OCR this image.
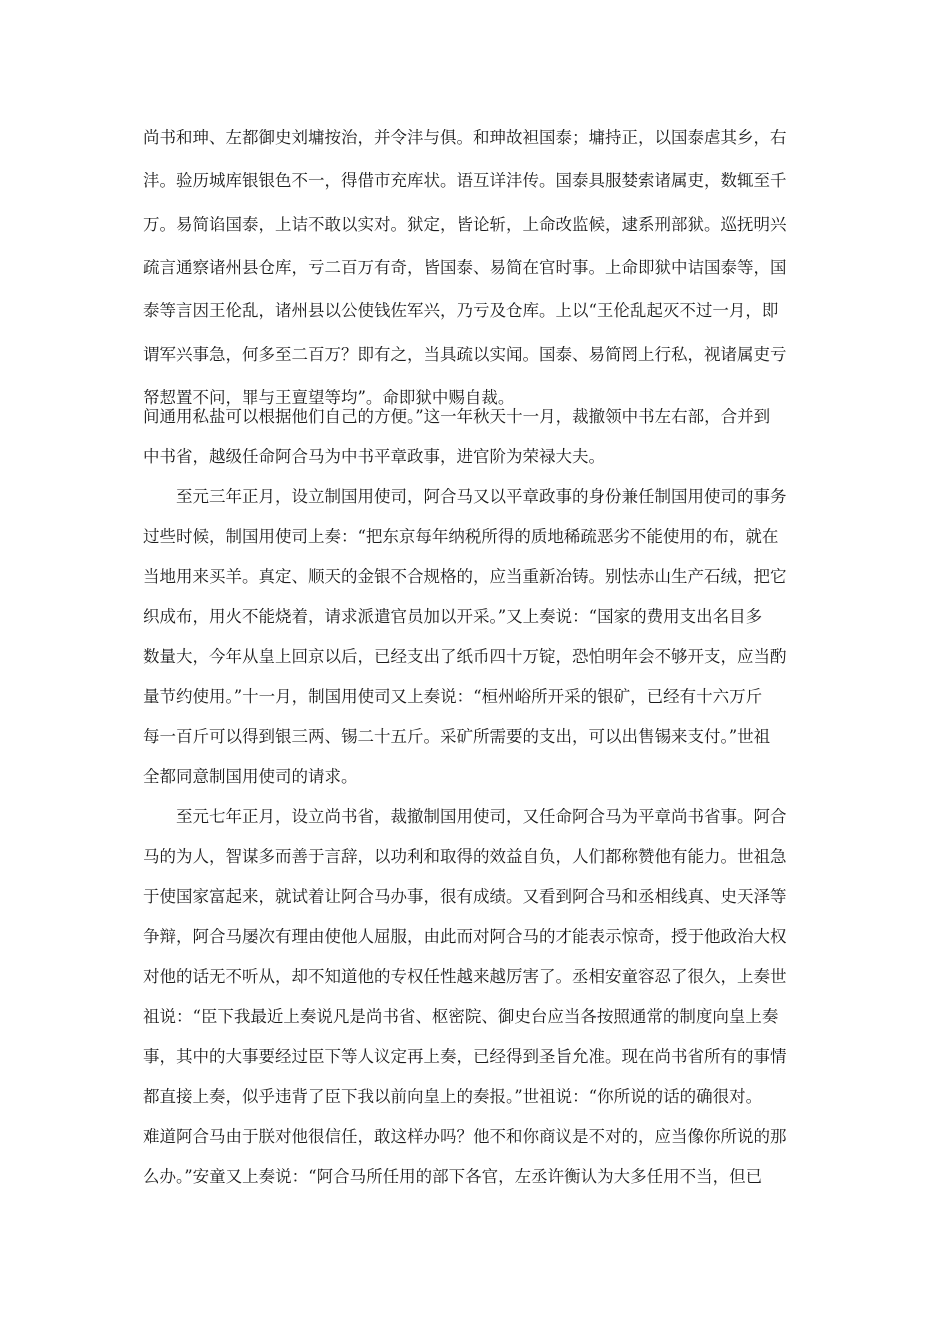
尚书和珅、左都御史刘墉按治，并令沣与俱。和珅故袒国泰；墉持正，以国泰虐其乡，右
沣。验历城库银银色不一，得借市充库状。语互详沣传。国泰具服婪索诸属吏，数辄至千
万。易简谄国泰，上诘不敢以实对。狱定，皆论斩，上命改监候，逮系刑部狱。巡抚明兴
疏言通察诸州县仓库，亏二百万有奇，皆国泰、易简在官时事。上命即狱中诘国泰等，国
泰等言因王伦乱，诸州县以公使钱佐军兴，乃亏及仓库。上以“王伦乱起灭不过一月，即
谓军兴事急，何多至二百万？即有之，当具疏以实闻。国泰、易简罔上行私，视诸属吏亏
帑恝置不问，罪与王亶望等均”。命即狱中赐自裁。
间通用私盐可以根据他们自己的方便。”这一年秋天十一月，裁撤领中书左右部，合并到
中书省，越级任命阿合马为中书平章政事，进官阶为荣禄大夫。
至元三年正月，设立制国用使司，阿合马又以平章政事的身份兼任制国用使司的事务
过些时候，制国用使司上奏：“把东京每年纳税所得的质地稀疏恶劣不能使用的布，就在
当地用来买羊。真定、顺天的金银不合规格的，应当重新冶铸。别怯赤山生产石绒，把它
织成布，用火不能烧着，请求派遣官员加以开采。”又上奏说：“国家的费用支出名目多
数量大，今年从皇上回京以后，已经支出了纸币四十万锭，恐怕明年会不够开支，应当酌
量节约使用。”十一月，制国用使司又上奏说：“桓州峪所开采的银矿，已经有十六万斤
每一百斤可以得到银三两、锡二十五斤。采矿所需要的支出，可以出售锡来支付。”世祖
全都同意制国用使司的请求。
至元七年正月，设立尚书省，裁撤制国用使司，又任命阿合马为平章尚书省事。阿合
马的为人，智谋多而善于言辞，以功利和取得的效益自负，人们都称赞他有能力。世祖急
于使国家富起来，就试着让阿合马办事，很有成绩。又看到阿合马和丞相线真、史天泽等
争辩，阿合马屡次有理由使他人屈服，由此而对阿合马的才能表示惊奇，授于他政治大权
对他的话无不听从，却不知道他的专权任性越来越厉害了。丞相安童容忍了很久，上奏世
祖说：“臣下我最近上奏说凡是尚书省、枢密院、御史台应当各按照通常的制度向皇上奏
事，其中的大事要经过臣下等人议定再上奏，已经得到圣旨允准。现在尚书省所有的事情
都直接上奏，似乎违背了臣下我以前向皇上的奏报。”世祖说：“你所说的话的确很对。
难道阿合马由于朕对他很信任，敢这样办吗？他不和你商议是不对的，应当像你所说的那
么办。”安童又上奏说：“阿合马所任用的部下各官，左丞许衡认为大多任用不当，但已
